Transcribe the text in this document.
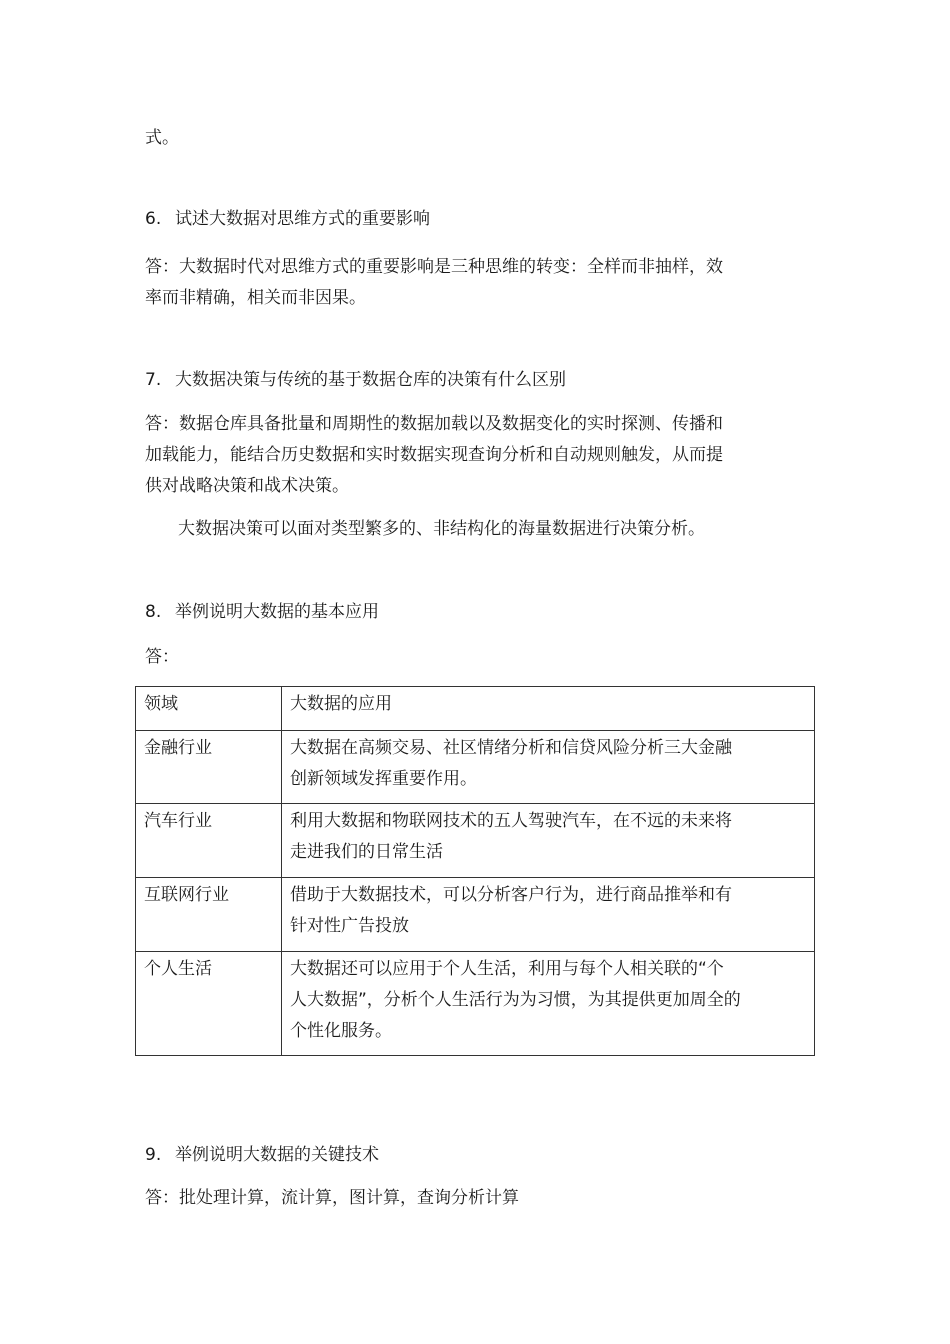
式。
6. 试述大数据对思维方式的重要影响
答：大数据时代对思维方式的重要影响是三种思维的转变：全样而非抽样，效
率而非精确，相关而非因果。
7. 大数据决策与传统的基于数据仓库的决策有什么区别
答：数据仓库具备批量和周期性的数据加载以及数据变化的实时探测、传播和
加载能力，能结合历史数据和实时数据实现查询分析和自动规则触发，从而提
供对战略决策和战术决策。
大数据决策可以面对类型繁多的、非结构化的海量数据进行决策分析。
8. 举例说明大数据的基本应用
答：
领域	大数据的应用
金融行业	大数据在高频交易、社区情绪分析和信贷风险分析三大金融
创新领域发挥重要作用。

汽车行业	利用大数据和物联网技术的五人驾驶汽车，在不远的未来将
走进我们的日常生活

互联网行业	借助于大数据技术，可以分析客户行为，进行商品推举和有
针对性广告投放

个人生活	大数据还可以应用于个人生活，利用与每个人相关联的“个
人大数据”，分析个人生活行为为习惯，为其提供更加周全的
个性化服务。
9. 举例说明大数据的关键技术
答：批处理计算，流计算，图计算，查询分析计算
